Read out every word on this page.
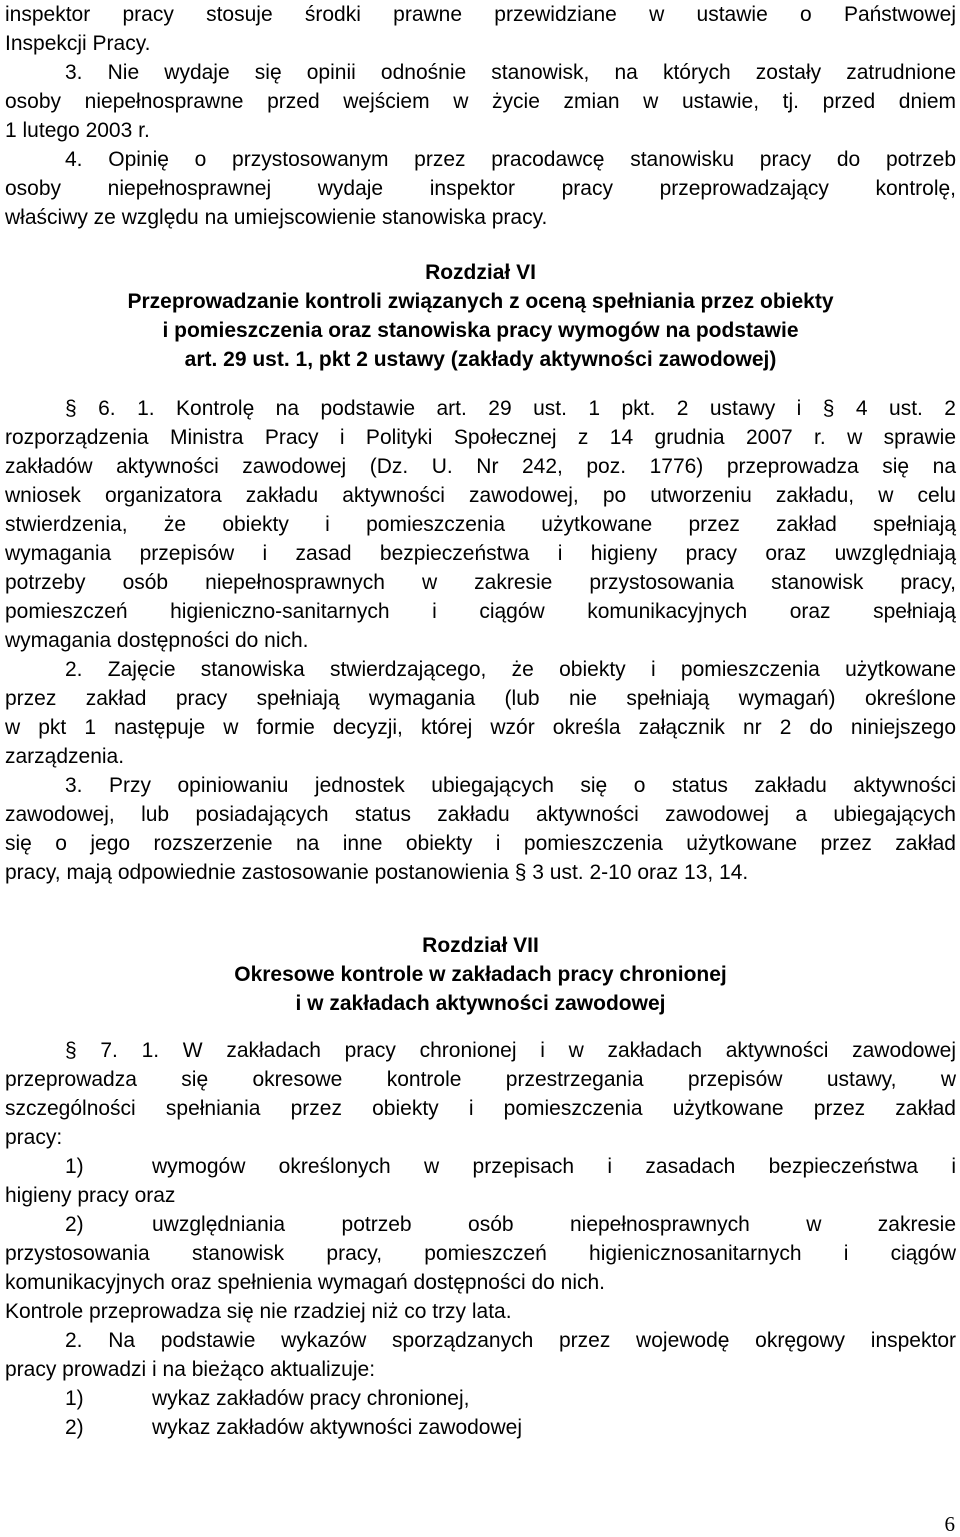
inspektor pracy stosuje środki prawne przewidziane w ustawie o Państwowej
Inspekcji Pracy.
3. Nie wydaje się opinii odnośnie stanowisk, na których zostały zatrudnione
osoby niepełnosprawne przed wejściem w życie zmian w ustawie, tj. przed dniem
1 lutego 2003 r.
4. Opinię o przystosowanym przez pracodawcę stanowisku pracy do potrzeb
osoby niepełnosprawnej wydaje inspektor pracy przeprowadzający kontrolę,
właściwy ze względu na umiejscowienie stanowiska pracy.
Rozdział VI
Przeprowadzanie kontroli związanych z oceną spełniania przez obiekty
i pomieszczenia oraz stanowiska pracy wymogów na podstawie
art. 29 ust. 1, pkt 2 ustawy (zakłady aktywności zawodowej)
§ 6. 1. Kontrolę na podstawie art. 29 ust. 1 pkt. 2 ustawy i § 4 ust. 2
rozporządzenia Ministra Pracy i Polityki Społecznej z 14 grudnia 2007 r. w sprawie
zakładów aktywności zawodowej (Dz. U. Nr 242, poz. 1776) przeprowadza się na
wniosek organizatora zakładu aktywności zawodowej, po utworzeniu zakładu, w celu
stwierdzenia, że obiekty i pomieszczenia użytkowane przez zakład spełniają
wymagania przepisów i zasad bezpieczeństwa i higieny pracy oraz uwzględniają
potrzeby osób niepełnosprawnych w zakresie przystosowania stanowisk pracy,
pomieszczeń higieniczno-sanitarnych i ciągów komunikacyjnych oraz spełniają
wymagania dostępności do nich.
2. Zajęcie stanowiska stwierdzającego, że obiekty i pomieszczenia użytkowane
przez zakład pracy spełniają wymagania (lub nie spełniają wymagań) określone
w pkt 1 następuje w formie decyzji, której wzór określa załącznik nr 2 do niniejszego
zarządzenia.
3. Przy opiniowaniu jednostek ubiegających się o status zakładu aktywności
zawodowej, lub posiadających status zakładu aktywności zawodowej a ubiegających
się o jego rozszerzenie na inne obiekty i pomieszczenia użytkowane przez zakład
pracy, mają odpowiednie zastosowanie postanowienia § 3 ust. 2-10 oraz 13, 14.
Rozdział VII
Okresowe kontrole w zakładach pracy chronionej
i w zakładach aktywności zawodowej
§ 7. 1. W zakładach pracy chronionej i w zakładach aktywności zawodowej
przeprowadza się okresowe kontrole przestrzegania przepisów ustawy, w
szczególności spełniania przez obiekty i pomieszczenia użytkowane przez zakład
pracy:
1)	wymogów określonych w przepisach i zasadach bezpieczeństwa i
higieny pracy oraz
2)	uwzględniania potrzeb osób niepełnosprawnych w zakresie
przystosowania stanowisk pracy, pomieszczeń higienicznosanitarnych i ciągów
komunikacyjnych oraz spełnienia wymagań dostępności do nich.
Kontrole przeprowadza się nie rzadziej niż co trzy lata.
2. Na podstawie wykazów sporządzanych przez wojewodę okręgowy inspektor
pracy prowadzi i na bieżąco aktualizuje:
1)	wykaz zakładów pracy chronionej,
2)	wykaz zakładów aktywności zawodowej
6
